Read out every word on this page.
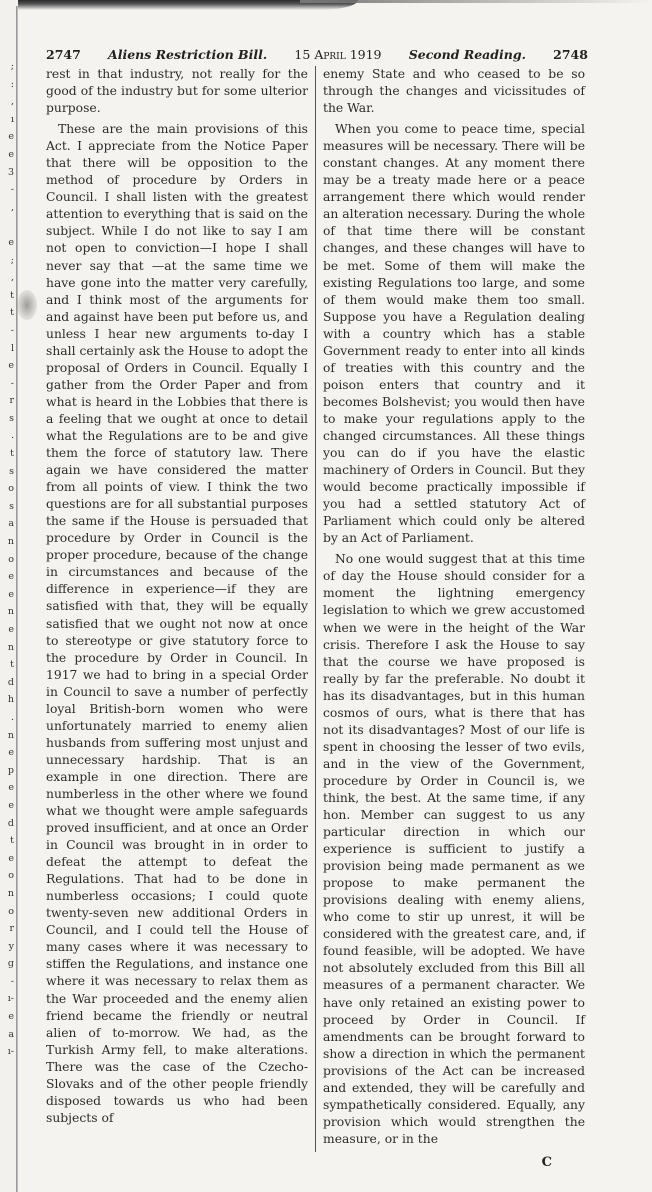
;
:
,
ı
e
e
3
-
,

e
;
,
t
t
-
l
e
-
r
s
.
t
s
o
s
a
n
o
e
e
n
e
n
t
d
h
.
n
e
p
e
e
d
t
e
o
n
o
r
y
g
-
ı-
e
a
ı-
2747 Aliens Restriction Bill. 15 April 1919 Second Reading. 2748

rest in that industry, not really for the good of the industry but for some ulterior purpose.

These are the main provisions of this Act. I appreciate from the Notice Paper that there will be opposition to the method of procedure by Orders in Council. I shall listen with the greatest attention to everything that is said on the subject. While I do not like to say I am not open to conviction—I hope I shall never say that —at the same time we have gone into the matter very carefully, and I think most of the arguments for and against have been put before us, and unless I hear new arguments to-day I shall certainly ask the House to adopt the proposal of Orders in Council. Equally I gather from the Order Paper and from what is heard in the Lobbies that there is a feeling that we ought at once to detail what the Regulations are to be and give them the force of statutory law. There again we have considered the matter from all points of view. I think the two questions are for all substantial purposes the same if the House is persuaded that procedure by Order in Council is the proper procedure, because of the change in circumstances and because of the difference in experience—if they are satisfied with that, they will be equally satisfied that we ought not now at once to stereotype or give statutory force to the procedure by Order in Council. In 1917 we had to bring in a special Order in Council to save a number of perfectly loyal British-born women who were unfortunately married to enemy alien husbands from suffering most unjust and unnecessary hardship. That is an example in one direction. There are numberless in the other where we found what we thought were ample safeguards proved insufficient, and at once an Order in Council was brought in in order to defeat the attempt to defeat the Regulations. That had to be done in numberless occasions; I could quote twenty-seven new additional Orders in Council, and I could tell the House of many cases where it was necessary to stiffen the Regulations, and instance one where it was necessary to relax them as the War proceeded and the enemy alien friend became the friendly or neutral alien of to-morrow. We had, as the Turkish Army fell, to make alterations. There was the case of the Czecho-Slovaks and of the other people friendly disposed towards us who had been subjects of

enemy State and who ceased to be so through the changes and vicissitudes of the War.

When you come to peace time, special measures will be necessary. There will be constant changes. At any moment there may be a treaty made here or a peace arrangement there which would render an alteration necessary. During the whole of that time there will be constant changes, and these changes will have to be met. Some of them will make the existing Regulations too large, and some of them would make them too small. Suppose you have a Regulation dealing with a country which has a stable Government ready to enter into all kinds of treaties with this country and the poison enters that country and it becomes Bolshevist; you would then have to make your regulations apply to the changed circumstances. All these things you can do if you have the elastic machinery of Orders in Council. But they would become practically impossible if you had a settled statutory Act of Parliament which could only be altered by an Act of Parliament.

No one would suggest that at this time of day the House should consider for a moment the lightning emergency legislation to which we grew accustomed when we were in the height of the War crisis. Therefore I ask the House to say that the course we have proposed is really by far the preferable. No doubt it has its disadvantages, but in this human cosmos of ours, what is there that has not its disadvantages? Most of our life is spent in choosing the lesser of two evils, and in the view of the Government, procedure by Order in Council is, we think, the best. At the same time, if any hon. Member can suggest to us any particular direction in which our experience is sufficient to justify a provision being made permanent as we propose to make permanent the provisions dealing with enemy aliens, who come to stir up unrest, it will be considered with the greatest care, and, if found feasible, will be adopted. We have not absolutely excluded from this Bill all measures of a permanent character. We have only retained an existing power to proceed by Order in Council. If amendments can be brought forward to show a direction in which the permanent provisions of the Act can be increased and extended, they will be carefully and sympathetically considered. Equally, any provision which would strengthen the measure, or in the

C
